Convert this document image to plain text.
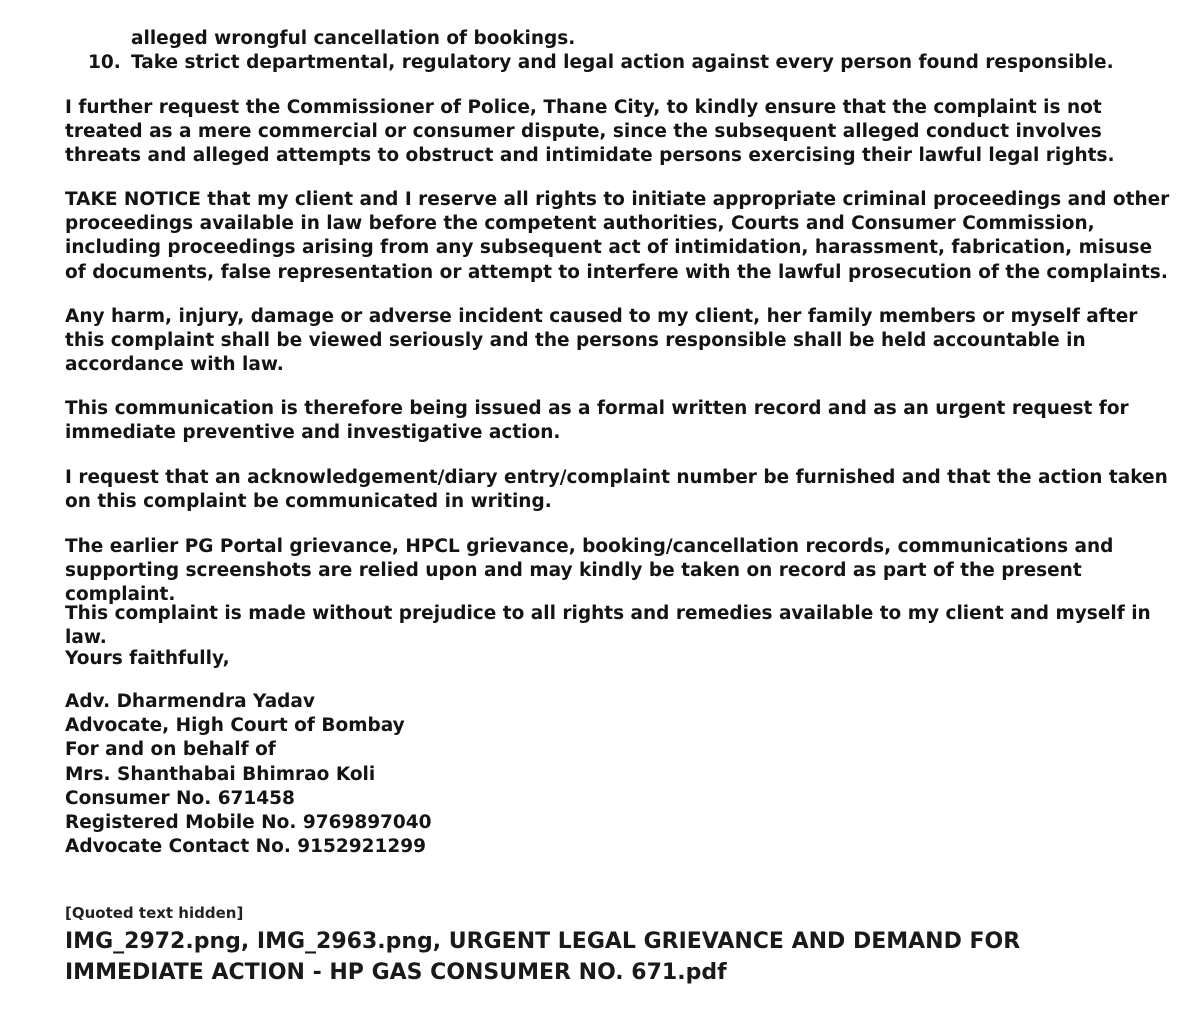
alleged wrongful cancellation of bookings.
10. Take strict departmental, regulatory and legal action against every person found responsible.

I further request the Commissioner of Police, Thane City, to kindly ensure that the complaint is not treated as a mere commercial or consumer dispute, since the subsequent alleged conduct involves threats and alleged attempts to obstruct and intimidate persons exercising their lawful legal rights.

TAKE NOTICE that my client and I reserve all rights to initiate appropriate criminal proceedings and other proceedings available in law before the competent authorities, Courts and Consumer Commission, including proceedings arising from any subsequent act of intimidation, harassment, fabrication, misuse of documents, false representation or attempt to interfere with the lawful prosecution of the complaints.

Any harm, injury, damage or adverse incident caused to my client, her family members or myself after this complaint shall be viewed seriously and the persons responsible shall be held accountable in accordance with law.

This communication is therefore being issued as a formal written record and as an urgent request for immediate preventive and investigative action.

I request that an acknowledgement/diary entry/complaint number be furnished and that the action taken on this complaint be communicated in writing.

The earlier PG Portal grievance, HPCL grievance, booking/cancellation records, communications and supporting screenshots are relied upon and may kindly be taken on record as part of the present complaint.

This complaint is made without prejudice to all rights and remedies available to my client and myself in law.

Yours faithfully,

Adv. Dharmendra Yadav
Advocate, High Court of Bombay
For and on behalf of
Mrs. Shanthabai Bhimrao Koli
Consumer No. 671458
Registered Mobile No. 9769897040
Advocate Contact No. 9152921299
[Quoted text hidden]
IMG_2972.png, IMG_2963.png, URGENT LEGAL GRIEVANCE AND DEMAND FOR IMMEDIATE ACTION - HP GAS CONSUMER NO. 671.pdf
